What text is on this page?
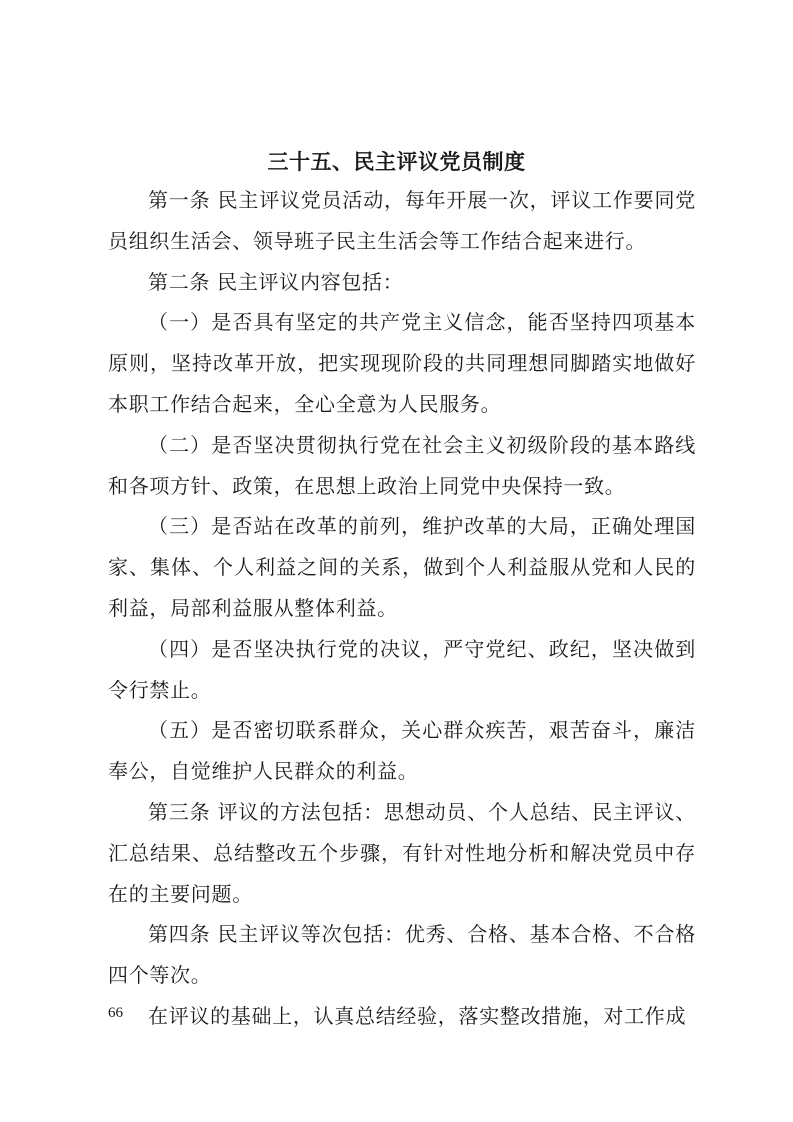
三十五、民主评议党员制度

第一条 民主评议党员活动，每年开展一次，评议工作要同党员组织生活会、领导班子民主生活会等工作结合起来进行。

第二条 民主评议内容包括：

（一）是否具有坚定的共产党主义信念，能否坚持四项基本原则，坚持改革开放，把实现现阶段的共同理想同脚踏实地做好本职工作结合起来，全心全意为人民服务。

（二）是否坚决贯彻执行党在社会主义初级阶段的基本路线和各项方针、政策，在思想上政治上同党中央保持一致。

（三）是否站在改革的前列，维护改革的大局，正确处理国家、集体、个人利益之间的关系，做到个人利益服从党和人民的利益，局部利益服从整体利益。

（四）是否坚决执行党的决议，严守党纪、政纪，坚决做到令行禁止。

（五）是否密切联系群众，关心群众疾苦，艰苦奋斗，廉洁奉公，自觉维护人民群众的利益。

第三条 评议的方法包括：思想动员、个人总结、民主评议、汇总结果、总结整改五个步骤，有针对性地分析和解决党员中存在的主要问题。

第四条 民主评议等次包括：优秀、合格、基本合格、不合格四个等次。

在评议的基础上，认真总结经验，落实整改措施，对工作成

66
